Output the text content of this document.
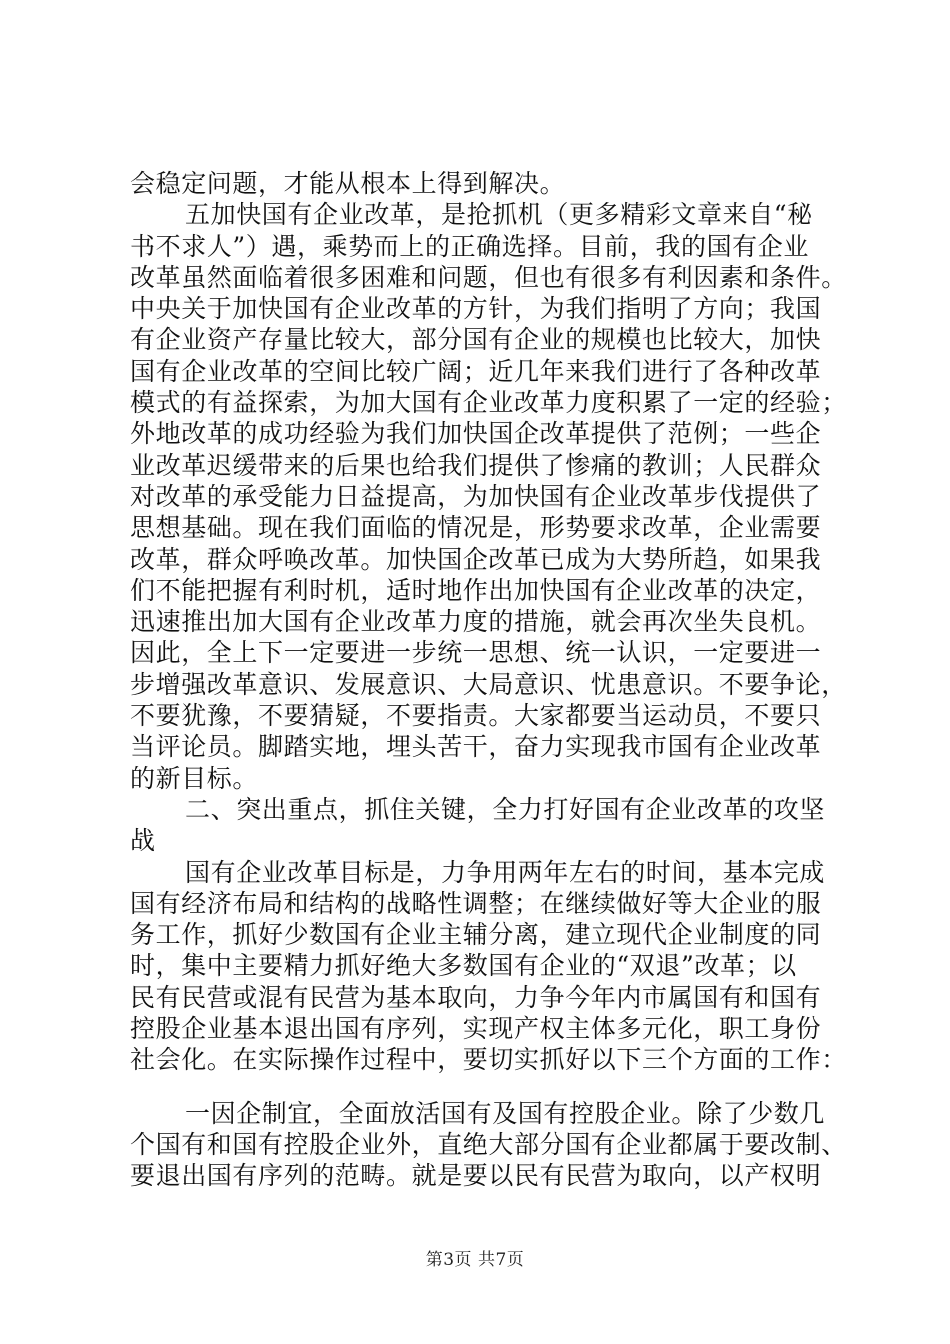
会稳定问题，才能从根本上得到解决。
五加快国有企业改革，是抢抓机（更多精彩文章来自“秘
书不求人”）遇，乘势而上的正确选择。目前，我的国有企业
改革虽然面临着很多困难和问题，但也有很多有利因素和条件。
中央关于加快国有企业改革的方针，为我们指明了方向；我国
有企业资产存量比较大，部分国有企业的规模也比较大，加快
国有企业改革的空间比较广阔；近几年来我们进行了各种改革
模式的有益探索，为加大国有企业改革力度积累了一定的经验；
外地改革的成功经验为我们加快国企改革提供了范例；一些企
业改革迟缓带来的后果也给我们提供了惨痛的教训；人民群众
对改革的承受能力日益提高，为加快国有企业改革步伐提供了
思想基础。现在我们面临的情况是，形势要求改革，企业需要
改革，群众呼唤改革。加快国企改革已成为大势所趋，如果我
们不能把握有利时机，适时地作出加快国有企业改革的决定，
迅速推出加大国有企业改革力度的措施，就会再次坐失良机。
因此，全上下一定要进一步统一思想、统一认识，一定要进一
步增强改革意识、发展意识、大局意识、忧患意识。不要争论，
不要犹豫，不要猜疑，不要指责。大家都要当运动员，不要只
当评论员。脚踏实地，埋头苦干，奋力实现我市国有企业改革
的新目标。
二、突出重点，抓住关键，全力打好国有企业改革的攻坚
战
国有企业改革目标是，力争用两年左右的时间，基本完成
国有经济布局和结构的战略性调整；在继续做好等大企业的服
务工作，抓好少数国有企业主辅分离，建立现代企业制度的同
时，集中主要精力抓好绝大多数国有企业的“双退”改革；以
民有民营或混有民营为基本取向，力争今年内市属国有和国有
控股企业基本退出国有序列，实现产权主体多元化，职工身份
社会化。在实际操作过程中，要切实抓好以下三个方面的工作：
一因企制宜，全面放活国有及国有控股企业。除了少数几
个国有和国有控股企业外，直绝大部分国有企业都属于要改制、
要退出国有序列的范畴。就是要以民有民营为取向，以产权明
第3页 共7页
